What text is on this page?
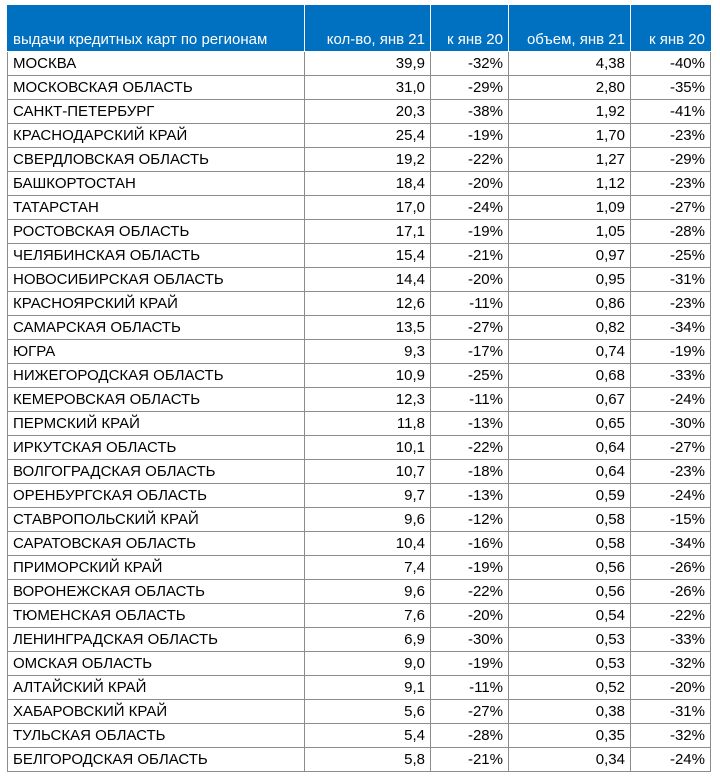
выдачи кредитных карт по регионам	кол-во, янв 21	к янв 20	объем, янв 21	к янв 20
МОСКВА	39,9	-32%	4,38	-40%
МОСКОВСКАЯ ОБЛАСТЬ	31,0	-29%	2,80	-35%
САНКТ-ПЕТЕРБУРГ	20,3	-38%	1,92	-41%
КРАСНОДАРСКИЙ КРАЙ	25,4	-19%	1,70	-23%
СВЕРДЛОВСКАЯ ОБЛАСТЬ	19,2	-22%	1,27	-29%
БАШКОРТОСТАН	18,4	-20%	1,12	-23%
ТАТАРСТАН	17,0	-24%	1,09	-27%
РОСТОВСКАЯ ОБЛАСТЬ	17,1	-19%	1,05	-28%
ЧЕЛЯБИНСКАЯ ОБЛАСТЬ	15,4	-21%	0,97	-25%
НОВОСИБИРСКАЯ ОБЛАСТЬ	14,4	-20%	0,95	-31%
КРАСНОЯРСКИЙ КРАЙ	12,6	-11%	0,86	-23%
САМАРСКАЯ ОБЛАСТЬ	13,5	-27%	0,82	-34%
ЮГРА	9,3	-17%	0,74	-19%
НИЖЕГОРОДСКАЯ ОБЛАСТЬ	10,9	-25%	0,68	-33%
КЕМЕРОВСКАЯ ОБЛАСТЬ	12,3	-11%	0,67	-24%
ПЕРМСКИЙ КРАЙ	11,8	-13%	0,65	-30%
ИРКУТСКАЯ ОБЛАСТЬ	10,1	-22%	0,64	-27%
ВОЛГОГРАДСКАЯ ОБЛАСТЬ	10,7	-18%	0,64	-23%
ОРЕНБУРГСКАЯ ОБЛАСТЬ	9,7	-13%	0,59	-24%
СТАВРОПОЛЬСКИЙ КРАЙ	9,6	-12%	0,58	-15%
САРАТОВСКАЯ ОБЛАСТЬ	10,4	-16%	0,58	-34%
ПРИМОРСКИЙ КРАЙ	7,4	-19%	0,56	-26%
ВОРОНЕЖСКАЯ ОБЛАСТЬ	9,6	-22%	0,56	-26%
ТЮМЕНСКАЯ ОБЛАСТЬ	7,6	-20%	0,54	-22%
ЛЕНИНГРАДСКАЯ ОБЛАСТЬ	6,9	-30%	0,53	-33%
ОМСКАЯ ОБЛАСТЬ	9,0	-19%	0,53	-32%
АЛТАЙСКИЙ КРАЙ	9,1	-11%	0,52	-20%
ХАБАРОВСКИЙ КРАЙ	5,6	-27%	0,38	-31%
ТУЛЬСКАЯ ОБЛАСТЬ	5,4	-28%	0,35	-32%
БЕЛГОРОДСКАЯ ОБЛАСТЬ	5,8	-21%	0,34	-24%
